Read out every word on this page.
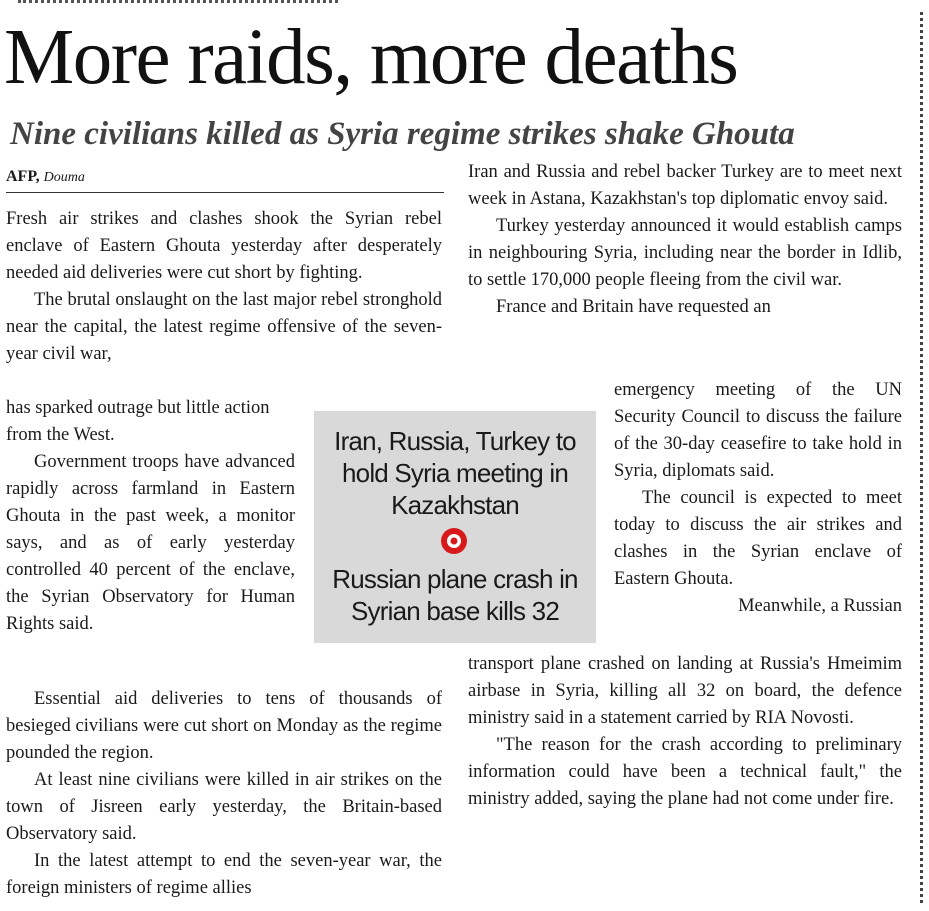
More raids, more deaths
Nine civilians killed as Syria regime strikes shake Ghouta
AFP, Douma

Fresh air strikes and clashes shook the Syrian rebel enclave of Eastern Ghouta yesterday after desperately needed aid deliveries were cut short by fighting.

The brutal onslaught on the last major rebel stronghold near the capital, the latest regime offensive of the seven-year civil war,

has sparked outrage but little action from the West.

Government troops have advanced rapidly across farmland in Eastern Ghouta in the past week, a monitor says, and as of early yesterday controlled 40 percent of the enclave, the Syrian Observatory for Human Rights said.

Essential aid deliveries to tens of thousands of besieged civilians were cut short on Monday as the regime pounded the region.

At least nine civilians were killed in air strikes on the town of Jisreen early yesterday, the Britain-based Observatory said.

In the latest attempt to end the seven-year war, the foreign ministers of regime allies

Iran and Russia and rebel backer Turkey are to meet next week in Astana, Kazakhstan's top diplomatic envoy said.

Turkey yesterday announced it would establish camps in neighbouring Syria, including near the border in Idlib, to settle 170,000 people fleeing from the civil war.

France and Britain have requested an

emergency meeting of the UN Security Council to discuss the failure of the 30-day ceasefire to take hold in Syria, diplomats said.

The council is expected to meet today to discuss the air strikes and clashes in the Syrian enclave of Eastern Ghouta.

Meanwhile, a Russian

transport plane crashed on landing at Russia's Hmeimim airbase in Syria, killing all 32 on board, the defence ministry said in a statement carried by RIA Novosti.

"The reason for the crash according to preliminary information could have been a technical fault," the ministry added, saying the plane had not come under fire.

Iran, Russia, Turkey to hold Syria meeting in Kazakhstan

Russian plane crash in Syrian base kills 32
